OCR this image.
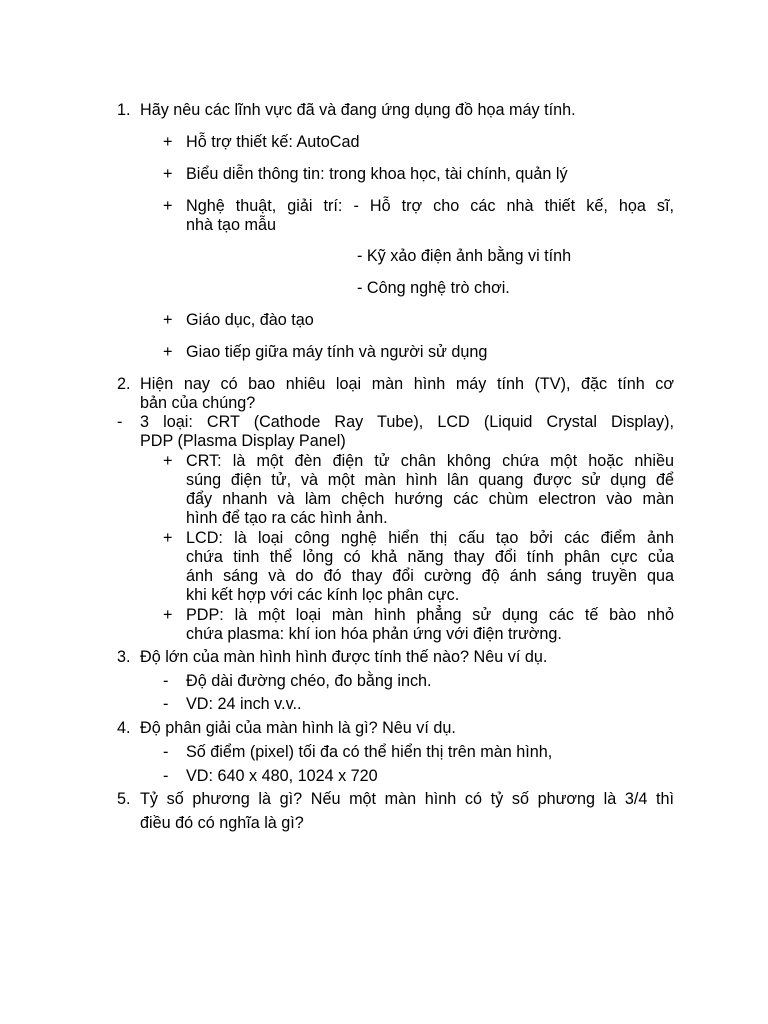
1. Hãy nêu các lĩnh vực đã và đang ứng dụng đồ họa máy tính.
+ Hỗ trợ thiết kế: AutoCad
+ Biểu diễn thông tin: trong khoa học, tài chính, quản lý
+ Nghệ thuật, giải trí: - Hỗ trợ cho các nhà thiết kế, họa sĩ,
nhà tạo mẫu
- Kỹ xảo điện ảnh bằng vi tính
- Công nghệ trò chơi.
+ Giáo dục, đào tạo
+ Giao tiếp giữa máy tính và người sử dụng
2. Hiện nay có bao nhiêu loại màn hình máy tính (TV), đặc tính cơ
bản của chúng?
- 3 loại: CRT (Cathode Ray Tube), LCD (Liquid Crystal Display),
PDP (Plasma Display Panel)
+ CRT: là một đèn điện tử chân không chứa một hoặc nhiều
súng điện tử, và một màn hình lân quang được sử dụng để
đẩy nhanh và làm chệch hướng các chùm electron vào màn
hình để tạo ra các hình ảnh.
+ LCD: là loại công nghệ hiển thị cấu tạo bởi các điểm ảnh
chứa tinh thể lỏng có khả năng thay đổi tính phân cực của
ánh sáng và do đó thay đổi cường độ ánh sáng truyền qua
khi kết hợp với các kính lọc phân cực.
+ PDP: là một loại màn hình phẳng sử dụng các tế bào nhỏ
chứa plasma: khí ion hóa phản ứng với điện trường.
3. Độ lớn của màn hình hình được tính thế nào? Nêu ví dụ.
- Độ dài đường chéo, đo bằng inch.
- VD: 24 inch v.v..
4. Độ phân giải của màn hình là gì? Nêu ví dụ.
- Số điểm (pixel) tối đa có thể hiển thị trên màn hình,
- VD: 640 x 480, 1024 x 720
5. Tỷ số phương là gì? Nếu một màn hình có tỷ số phương là 3/4 thì
điều đó có nghĩa là gì?
